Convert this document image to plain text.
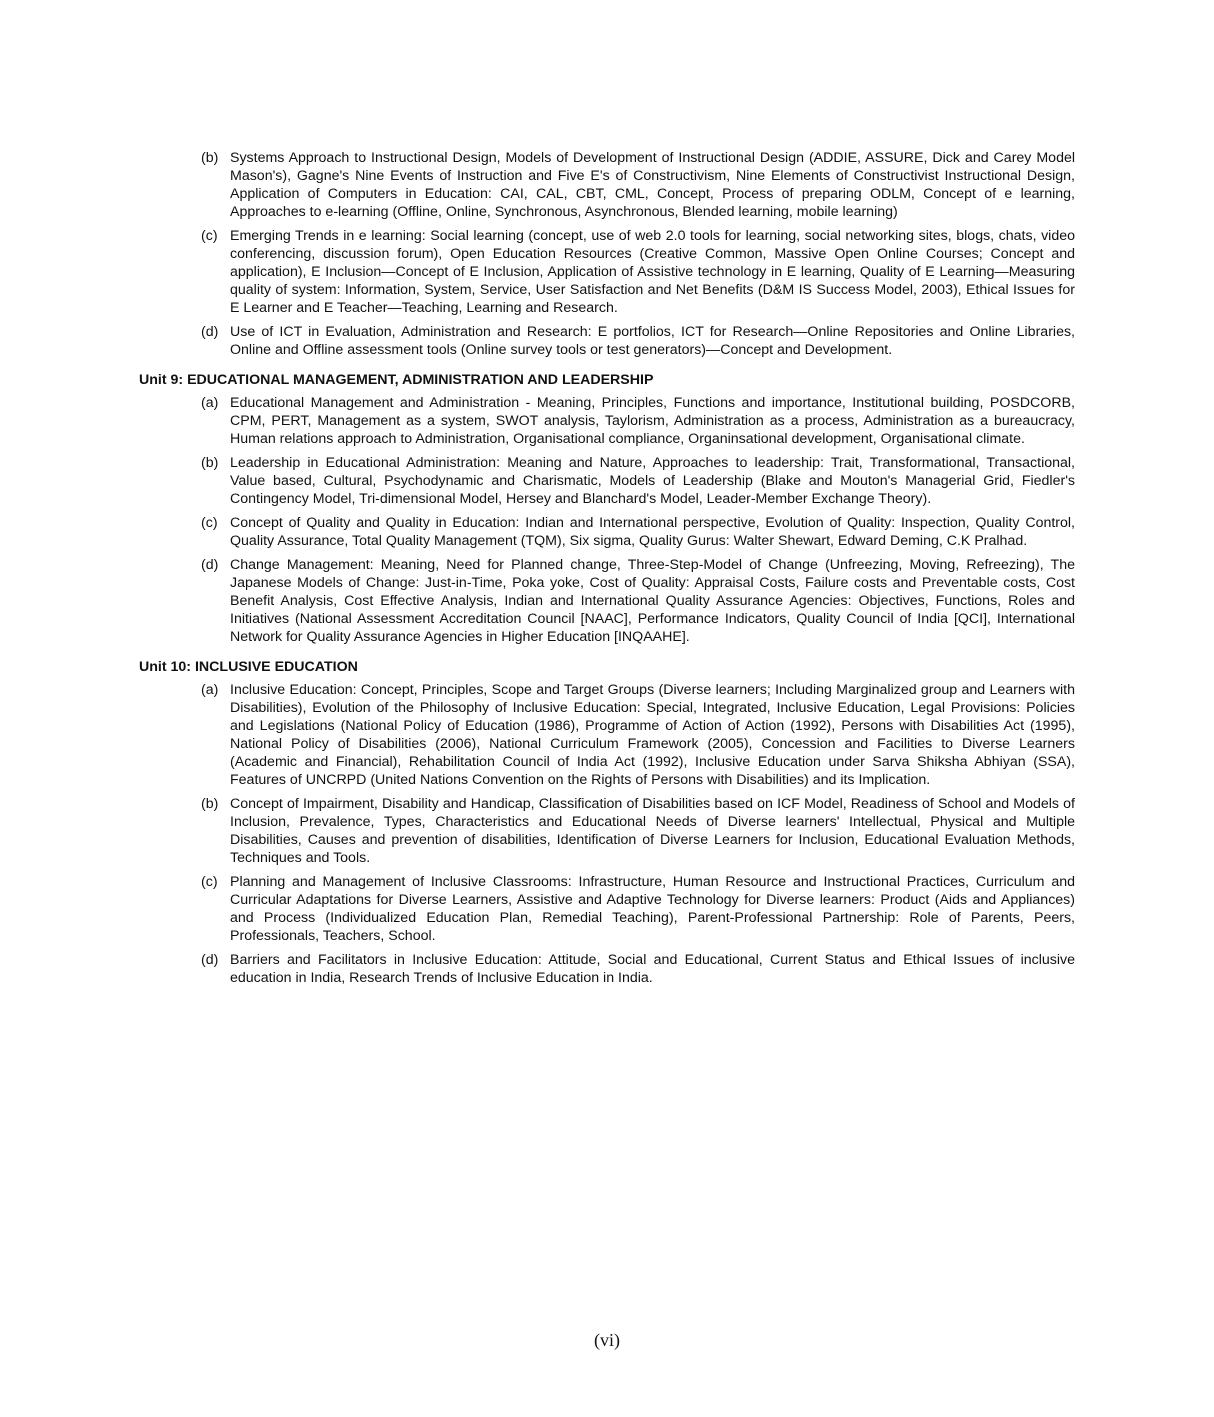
(b) Systems Approach to Instructional Design, Models of Development of Instructional Design (ADDIE, ASSURE, Dick and Carey Model Mason's), Gagne's Nine Events of Instruction and Five E's of Constructivism, Nine Elements of Constructivist Instructional Design, Application of Computers in Education: CAI, CAL, CBT, CML, Concept, Process of preparing ODLM, Concept of e learning, Approaches to e-learning (Offline, Online, Synchronous, Asynchronous, Blended learning, mobile learning)
(c) Emerging Trends in e learning: Social learning (concept, use of web 2.0 tools for learning, social networking sites, blogs, chats, video conferencing, discussion forum), Open Education Resources (Creative Common, Massive Open Online Courses; Concept and application), E Inclusion—Concept of E Inclusion, Application of Assistive technology in E learning, Quality of E Learning—Measuring quality of system: Information, System, Service, User Satisfaction and Net Benefits (D&M IS Success Model, 2003), Ethical Issues for E Learner and E Teacher—Teaching, Learning and Research.
(d) Use of ICT in Evaluation, Administration and Research: E portfolios, ICT for Research—Online Repositories and Online Libraries, Online and Offline assessment tools (Online survey tools or test generators)—Concept and Development.
Unit 9: EDUCATIONAL MANAGEMENT, ADMINISTRATION AND LEADERSHIP
(a) Educational Management and Administration - Meaning, Principles, Functions and importance, Institutional building, POSDCORB, CPM, PERT, Management as a system, SWOT analysis, Taylorism, Administration as a process, Administration as a bureaucracy, Human relations approach to Administration, Organisational compliance, Organinsational development, Organisational climate.
(b) Leadership in Educational Administration: Meaning and Nature, Approaches to leadership: Trait, Transformational, Transactional, Value based, Cultural, Psychodynamic and Charismatic, Models of Leadership (Blake and Mouton's Managerial Grid, Fiedler's Contingency Model, Tri-dimensional Model, Hersey and Blanchard's Model, Leader-Member Exchange Theory).
(c) Concept of Quality and Quality in Education: Indian and International perspective, Evolution of Quality: Inspection, Quality Control, Quality Assurance, Total Quality Management (TQM), Six sigma, Quality Gurus: Walter Shewart, Edward Deming, C.K Pralhad.
(d) Change Management: Meaning, Need for Planned change, Three-Step-Model of Change (Unfreezing, Moving, Refreezing), The Japanese Models of Change: Just-in-Time, Poka yoke, Cost of Quality: Appraisal Costs, Failure costs and Preventable costs, Cost Benefit Analysis, Cost Effective Analysis, Indian and International Quality Assurance Agencies: Objectives, Functions, Roles and Initiatives (National Assessment Accreditation Council [NAAC], Performance Indicators, Quality Council of India [QCI], International Network for Quality Assurance Agencies in Higher Education [INQAAHE].
Unit 10: INCLUSIVE EDUCATION
(a) Inclusive Education: Concept, Principles, Scope and Target Groups (Diverse learners; Including Marginalized group and Learners with Disabilities), Evolution of the Philosophy of Inclusive Education: Special, Integrated, Inclusive Education, Legal Provisions: Policies and Legislations (National Policy of Education (1986), Programme of Action of Action (1992), Persons with Disabilities Act (1995), National Policy of Disabilities (2006), National Curriculum Framework (2005), Concession and Facilities to Diverse Learners (Academic and Financial), Rehabilitation Council of India Act (1992), Inclusive Education under Sarva Shiksha Abhiyan (SSA), Features of UNCRPD (United Nations Convention on the Rights of Persons with Disabilities) and its Implication.
(b) Concept of Impairment, Disability and Handicap, Classification of Disabilities based on ICF Model, Readiness of School and Models of Inclusion, Prevalence, Types, Characteristics and Educational Needs of Diverse learners' Intellectual, Physical and Multiple Disabilities, Causes and prevention of disabilities, Identification of Diverse Learners for Inclusion, Educational Evaluation Methods, Techniques and Tools.
(c) Planning and Management of Inclusive Classrooms: Infrastructure, Human Resource and Instructional Practices, Curriculum and Curricular Adaptations for Diverse Learners, Assistive and Adaptive Technology for Diverse learners: Product (Aids and Appliances) and Process (Individualized Education Plan, Remedial Teaching), Parent-Professional Partnership: Role of Parents, Peers, Professionals, Teachers, School.
(d) Barriers and Facilitators in Inclusive Education: Attitude, Social and Educational, Current Status and Ethical Issues of inclusive education in India, Research Trends of Inclusive Education in India.
(vi)
